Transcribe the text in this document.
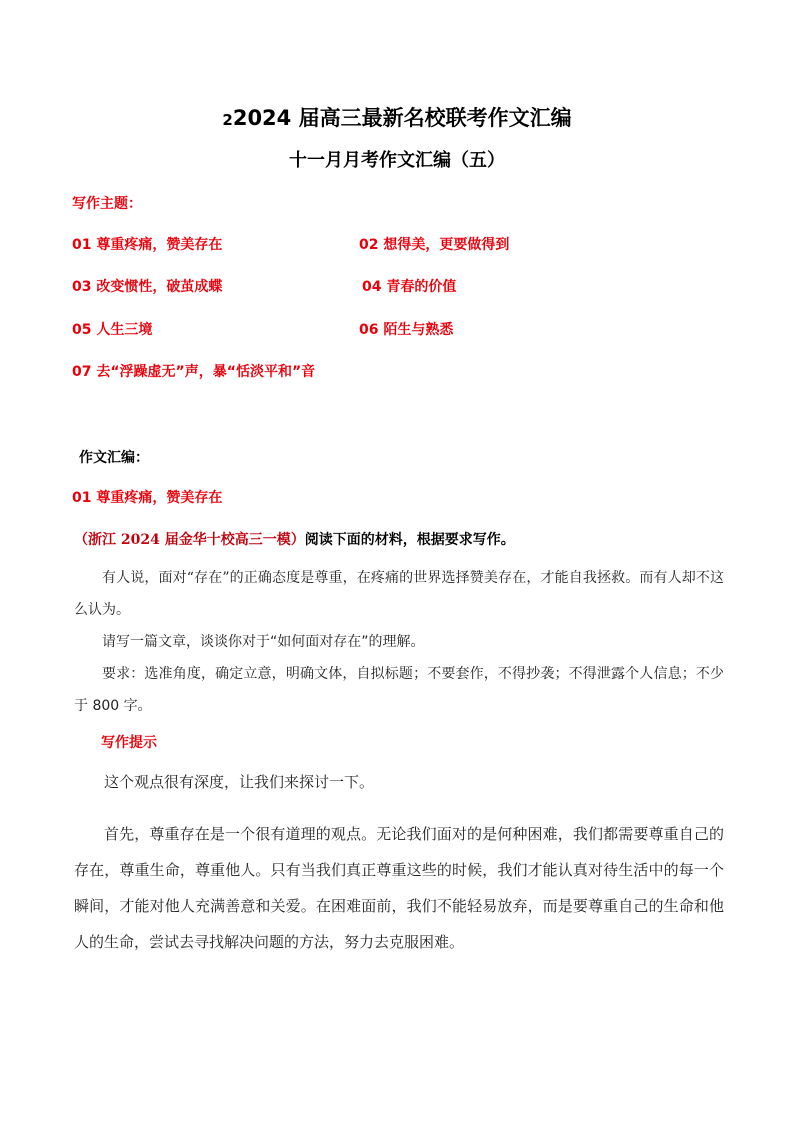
22024 届高三最新名校联考作文汇编
十一月月考作文汇编（五）
写作主题：
01 尊重疼痛，赞美存在	02 想得美，更要做得到
03 改变惯性，破茧成蝶	04 青春的价值
05 人生三境	06 陌生与熟悉
07 去“浮躁虚无”声，暴“恬淡平和”音
作文汇编：
01 尊重疼痛，赞美存在
（浙江 2024 届金华十校高三一模）阅读下面的材料，根据要求写作。
有人说，面对“存在”的正确态度是尊重，在疼痛的世界选择赞美存在，才能自我拯救。而有人却不这么认为。
请写一篇文章，谈谈你对于“如何面对存在”的理解。
要求：选准角度，确定立意，明确文体，自拟标题；不要套作，不得抄袭；不得泄露个人信息；不少于 800 字。
写作提示
这个观点很有深度，让我们来探讨一下。
首先，尊重存在是一个很有道理的观点。无论我们面对的是何种困难，我们都需要尊重自己的存在，尊重生命，尊重他人。只有当我们真正尊重这些的时候，我们才能认真对待生活中的每一个瞬间，才能对他人充满善意和关爱。在困难面前，我们不能轻易放弃，而是要尊重自己的生命和他人的生命，尝试去寻找解决问题的方法，努力去克服困难。
